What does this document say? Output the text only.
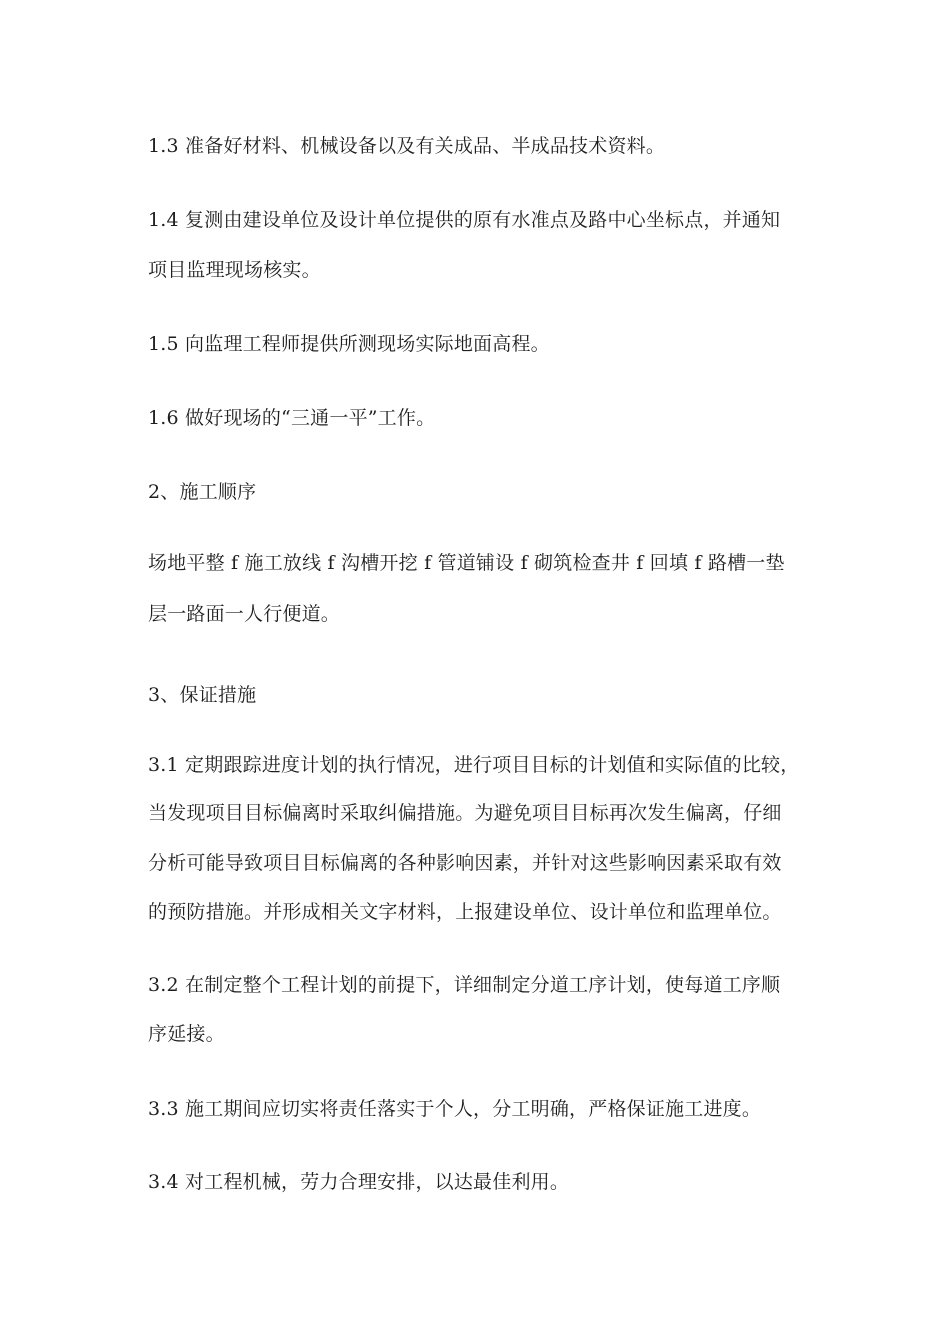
1.3 准备好材料、机械设备以及有关成品、半成品技术资料。

1.4 复测由建设单位及设计单位提供的原有水准点及路中心坐标点，并通知

项目监理现场核实。

1.5 向监理工程师提供所测现场实际地面高程。

1.6 做好现场的“三通一平”工作。

2、施工顺序

场地平整 f 施工放线 f 沟槽开挖 f 管道铺设 f 砌筑检查井 f 回填 f 路槽一垫

层一路面一人行便道。

3、保证措施

3.1 定期跟踪进度计划的执行情况，进行项目目标的计划值和实际值的比较，

当发现项目目标偏离时采取纠偏措施。为避免项目目标再次发生偏离，仔细

分析可能导致项目目标偏离的各种影响因素，并针对这些影响因素采取有效

的预防措施。并形成相关文字材料，上报建设单位、设计单位和监理单位。

3.2 在制定整个工程计划的前提下，详细制定分道工序计划，使每道工序顺

序延接。

3.3 施工期间应切实将责任落实于个人，分工明确，严格保证施工进度。

3.4 对工程机械，劳力合理安排，以达最佳利用。
